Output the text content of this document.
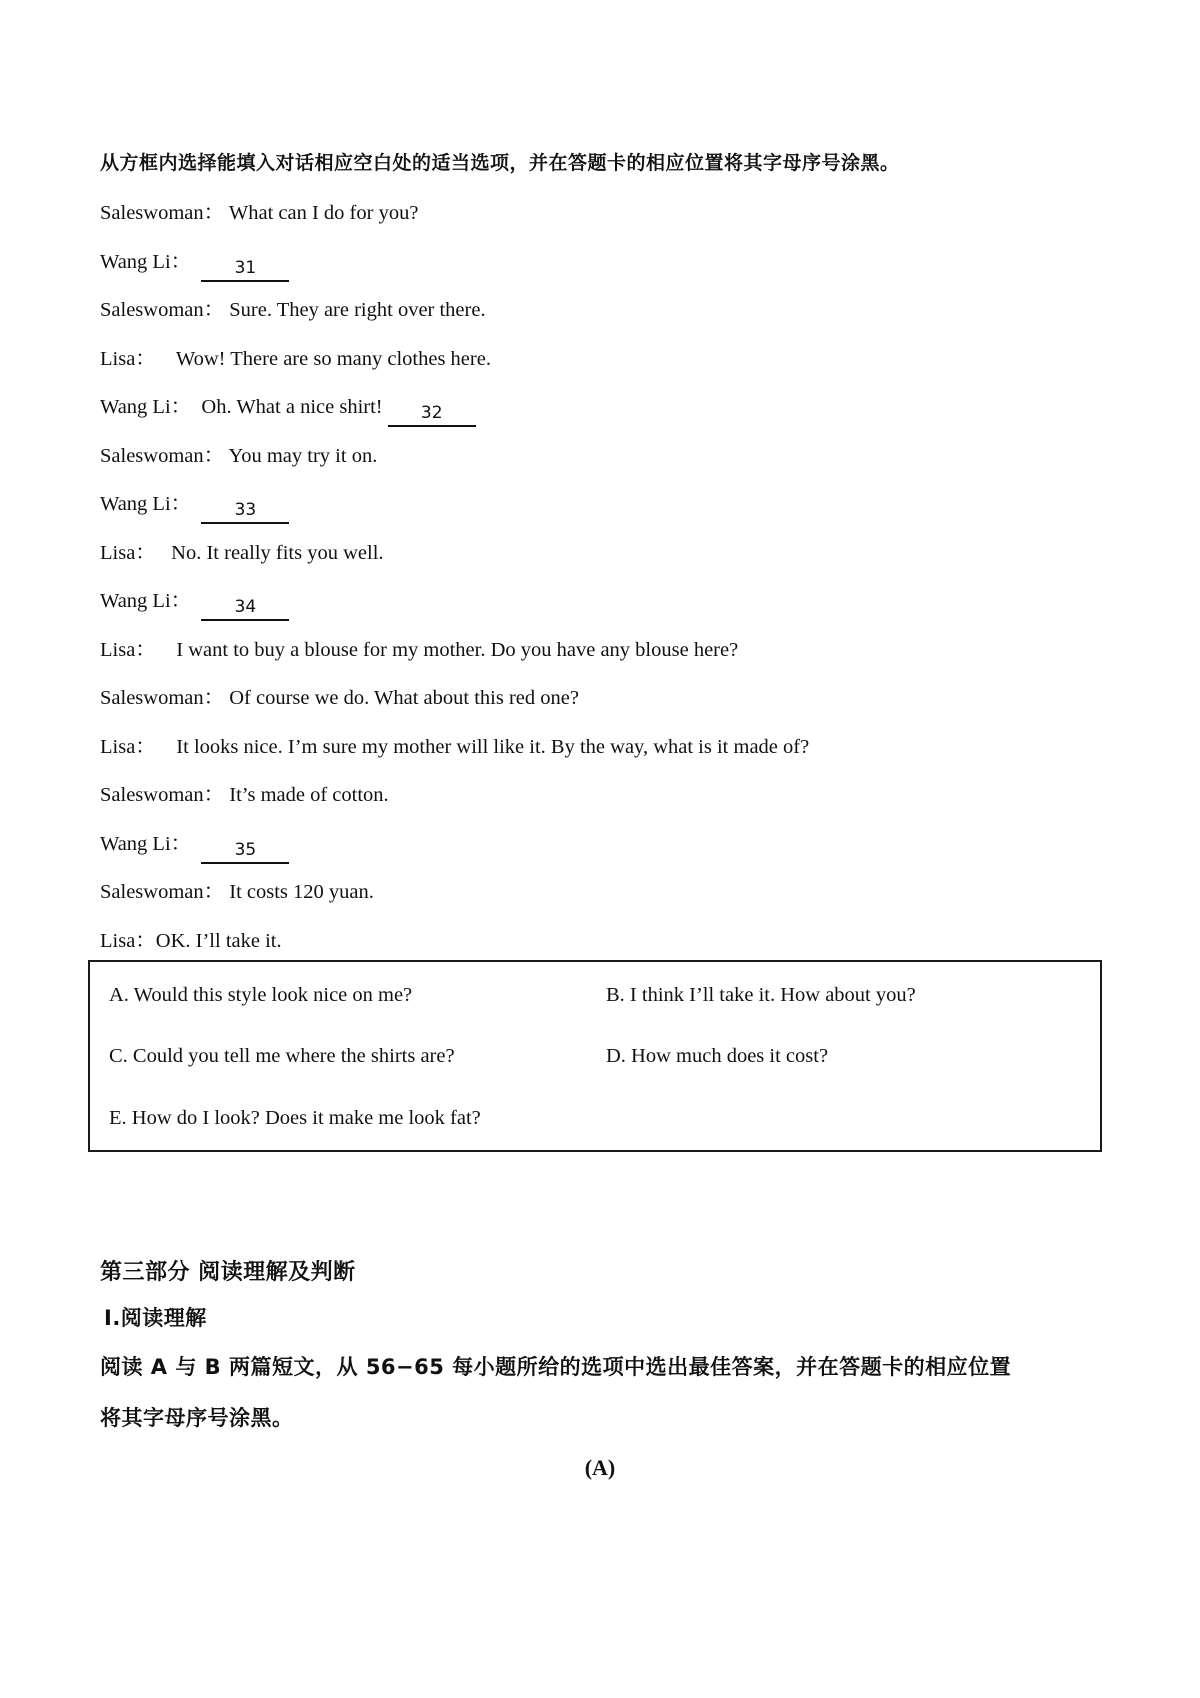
从方框内选择能填入对话相应空白处的适当选项，并在答题卡的相应位置将其字母序号涂黑。
Saleswoman： What can I do for you?
Wang Li：  31
Saleswoman： Sure. They are right over there.
Lisa：    Wow! There are so many clothes here.
Wang Li：  Oh. What a nice shirt! 32
Saleswoman： You may try it on.
Wang Li：  33
Lisa：   No. It really fits you well.
Wang Li：  34
Lisa：    I want to buy a blouse for my mother. Do you have any blouse here?
Saleswoman： Of course we do. What about this red one?
Lisa：    It looks nice. I’m sure my mother will like it. By the way, what is it made of?
Saleswoman： It’s made of cotton.
Wang Li：  35
Saleswoman： It costs 120 yuan.
Lisa：OK. I’ll take it.
A. Would this style look nice on me?	B. I think I’ll take it. How about you?
C. Could you tell me where the shirts are?	D. How much does it cost?
E. How do I look? Does it make me look fat?
第三部分 阅读理解及判断
Ⅰ.阅读理解
阅读 A 与 B 两篇短文，从 56−65 每小题所给的选项中选出最佳答案，并在答题卡的相应位置
将其字母序号涂黑。
(A)
